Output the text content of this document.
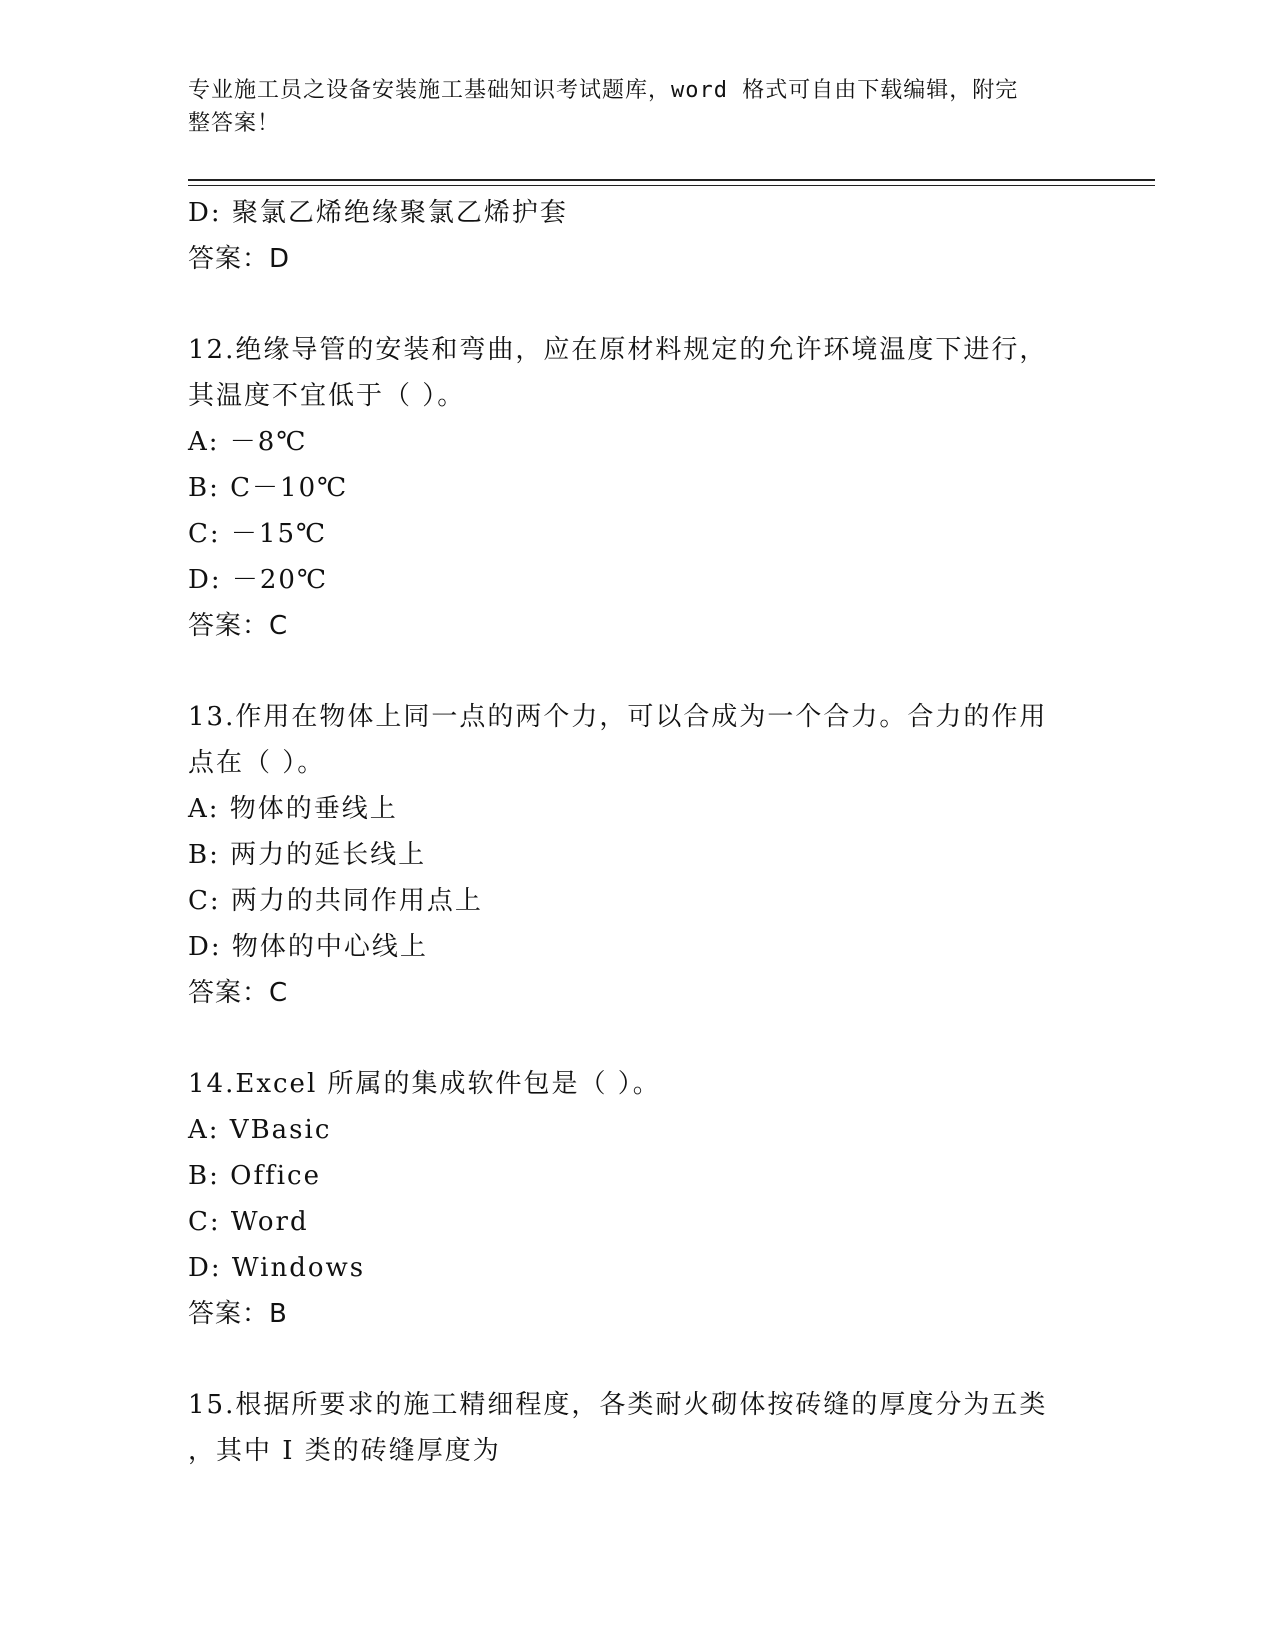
专业施工员之设备安装施工基础知识考试题库，word 格式可自由下载编辑，附完
整答案！
D: 聚氯乙烯绝缘聚氯乙烯护套
答案：D
12.绝缘导管的安装和弯曲，应在原材料规定的允许环境温度下进行，
其温度不宜低于（ ）。
A: －8℃
B: C－10℃
C: －15℃
D: －20℃
答案：C
13.作用在物体上同一点的两个力，可以合成为一个合力。合力的作用
点在（ ）。
A: 物体的垂线上
B: 两力的延长线上
C: 两力的共同作用点上
D: 物体的中心线上
答案：C
14.Excel 所属的集成软件包是（ ）。
A: VBasic
B: Office
C: Word
D: Windows
答案：B
15.根据所要求的施工精细程度，各类耐火砌体按砖缝的厚度分为五类
，其中 I 类的砖缝厚度为
